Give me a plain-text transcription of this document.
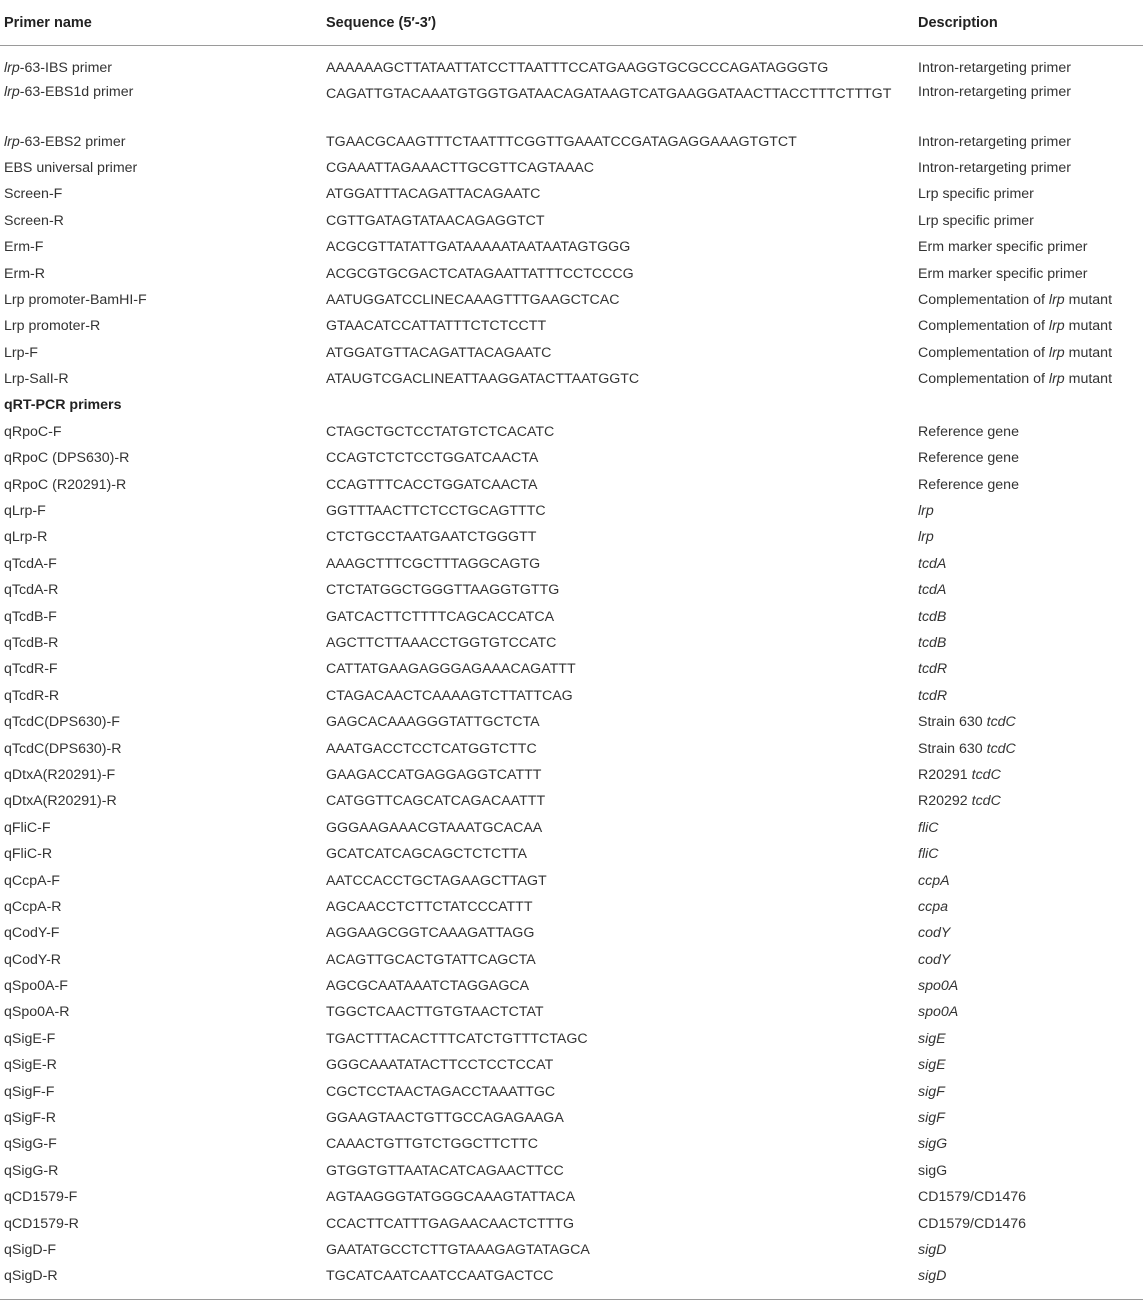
Primer name	Sequence (5′-3′)	Description
lrp-63-IBS primer	AAAAAAGCTTATAATTATCCTTAATTTCCATGAAGGTGCGCCCAGATAGGGTG	Intron-retargeting primer
lrp-63-EBS1d primer	CAGATTGTACAAATGTGGTGATAACAGATAAGTCATGAAGGATAACTTACCTTTCTTTGT	Intron-retargeting primer
lrp-63-EBS2 primer	TGAACGCAAGTTTCTAATTTCGGTTGAAATCCGATAGAGGAAAGTGTCT	Intron-retargeting primer
EBS universal primer	CGAAATTAGAAACTTGCGTTCAGTAAAC	Intron-retargeting primer
Screen-F	ATGGATTTACAGATTACAGAATC	Lrp specific primer
Screen-R	CGTTGATAGTATAACAGAGGTCT	Lrp specific primer
Erm-F	ACGCGTTATATTGATAAAAATAATAATAGTGGG	Erm marker specific primer
Erm-R	ACGCGTGCGACTCATAGAATTATTTCCTCCCG	Erm marker specific primer
Lrp promoter-BamHI-F	AATUGGATCCLINECAAAGTTTGAAGCTCAC	Complementation of lrp mutant
Lrp promoter-R	GTAACATCCATTATTTCTCTCCTT	Complementation of lrp mutant
Lrp-F	ATGGATGTTACAGATTACAGAATC	Complementation of lrp mutant
Lrp-SalI-R	ATAUGTCGACLINEATTAAGGATACTTAATGGTC	Complementation of lrp mutant
qRT-PCR primers
qRpoC-F	CTAGCTGCTCCTATGTCTCACATC	Reference gene
qRpoC (DPS630)-R	CCAGTCTCTCCTGGATCAACTA	Reference gene
qRpoC (R20291)-R	CCAGTTTCACCTGGATCAACTA	Reference gene
qLrp-F	GGTTTAACTTCTCCTGCAGTTTC	lrp
qLrp-R	CTCTGCCTAATGAATCTGGGTT	lrp
qTcdA-F	AAAGCTTTCGCTTTAGGCAGTG	tcdA
qTcdA-R	CTCTATGGCTGGGTTAAGGTGTTG	tcdA
qTcdB-F	GATCACTTCTTTTCAGCACCATCA	tcdB
qTcdB-R	AGCTTCTTAAACCTGGTGTCCATC	tcdB
qTcdR-F	CATTATGAAGAGGGAGAAACAGATTT	tcdR
qTcdR-R	CTAGACAACTCAAAAGTCTTATTCAG	tcdR
qTcdC(DPS630)-F	GAGCACAAAGGGTATTGCTCTA	Strain 630 tcdC
qTcdC(DPS630)-R	AAATGACCTCCTCATGGTCTTC	Strain 630 tcdC
qDtxA(R20291)-F	GAAGACCATGAGGAGGTCATTT	R20291 tcdC
qDtxA(R20291)-R	CATGGTTCAGCATCAGACAATTT	R20292 tcdC
qFliC-F	GGGAAGAAACGTAAATGCACAA	fliC
qFliC-R	GCATCATCAGCAGCTCTCTTA	fliC
qCcpA-F	AATCCACCTGCTAGAAGCTTAGT	ccpA
qCcpA-R	AGCAACCTCTTCTATCCCATTT	ccpa
qCodY-F	AGGAAGCGGTCAAAGATTAGG	codY
qCodY-R	ACAGTTGCACTGTATTCAGCTA	codY
qSpo0A-F	AGCGCAATAAATCTAGGAGCA	spo0A
qSpo0A-R	TGGCTCAACTTGTGTAACTCTAT	spo0A
qSigE-F	TGACTTTACACTTTCATCTGTTTCTAGC	sigE
qSigE-R	GGGCAAATATACTTCCTCCTCCAT	sigE
qSigF-F	CGCTCCTAACTAGACCTAAATTGC	sigF
qSigF-R	GGAAGTAACTGTTGCCAGAGAAGA	sigF
qSigG-F	CAAACTGTTGTCTGGCTTCTTC	sigG
qSigG-R	GTGGTGTTAATACATCAGAACTTCC	sigG
qCD1579-F	AGTAAGGGTATGGGCAAAGTATTACA	CD1579/CD1476
qCD1579-R	CCACTTCATTTGAGAACAACTCTTTG	CD1579/CD1476
qSigD-F	GAATATGCCTCTTGTAAAGAGTATAGCA	sigD
qSigD-R	TGCATCAATCAATCCAATGACTCC	sigD
